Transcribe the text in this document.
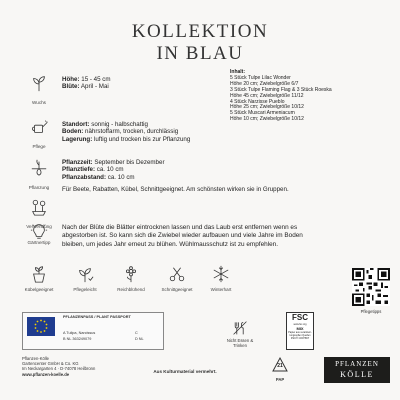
KOLLEKTION
IN BLAU
Wuchs
Pflege
Pflanzung
Verwendung
Gärtnertipp
Höhe: 15 - 45 cm
Blüte: April - Mai
Inhalt:
5 Stück Tulpe Lilac Wonder
Höhe 20 cm; Zwiebelgröße 6/7
3 Stück Tulpe Flaming Flag & 3 Stück Roeska
Höhe 45 cm; Zwiebelgröße 11/12
4 Stück Narzisse Pueblo
Höhe 25 cm; Zwiebelgröße 10/12
5 Stück Muscari Armeniacum
Höhe 10 cm; Zwiebelgröße 10/12
Standort: sonnig - halbschattig
Boden: nährstoffarm, trocken, durchlässig
Lagerung: luftig und trocken bis zur Pflanzung
Pflanzzeit: September bis Dezember
Pflanztiefe: ca. 10 cm
Pflanzabstand: ca. 10 cm
Für Beete, Rabatten, Kübel, Schnittgeeignet. Am schönsten wirken sie in Gruppen.
Nach der Blüte die Blätter eintrocknen lassen und das Laub erst entfernen wenn es
abgestorben ist. So kann sich die Zwiebel wieder aufbauen und viele Jahre im Boden
bleiben, um jedes Jahr erneut zu blühen. Wühlmausschutz ist zu empfehlen.
Kübelgeeignet	Pflegeleicht	Reichblühend	Schnittgeeignet	Winterhart
Pflegetipps
PFLANZENPASS / PLANT PASSPORT
A Tulipa, Narcissus
B NL 363249079
C
D NL	Nicht Essen & Trinken
FSC
www.fsc.org
MIX
Papier aus verantwor-
tungsvollen Quellen
FSC® C007667
Pflanzen-Kölle
Gartencenter GmbH & Co. KG
Im Neckargarten 4 · D-74078 Heilbronn
www.pflanzen-koelle.de
Aus Kulturmaterial vermehrt.
21
PAP
PFLANZEN
KÖLLE
